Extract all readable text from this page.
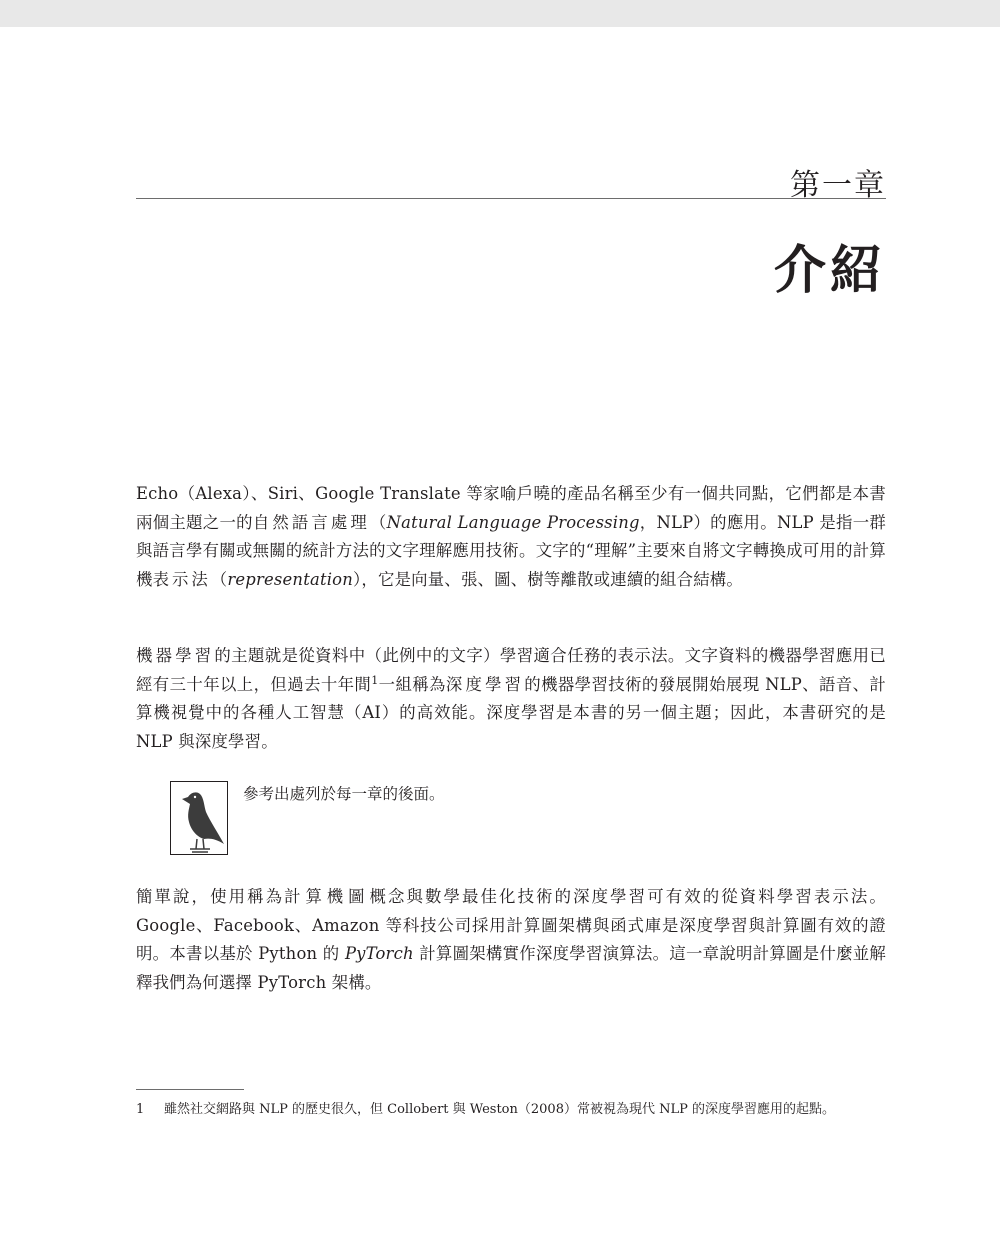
第一章
介紹

Echo（Alexa）、Siri、Google Translate 等家喻戶曉的產品名稱至少有一個共同點，它們都是本書兩個主題之一的自然語言處理（Natural Language Processing，NLP）的應用。NLP 是指一群與語言學有關或無關的統計方法的文字理解應用技術。文字的“理解”主要來自將文字轉換成可用的計算機表示法（representation），它是向量、張、圖、樹等離散或連續的組合結構。

機器學習的主題就是從資料中（此例中的文字）學習適合任務的表示法。文字資料的機器學習應用已經有三十年以上，但過去十年間$^1$一組稱為深度學習的機器學習技術的發展開始展現 NLP、語音、計算機視覺中的各種人工智慧（AI）的高效能。深度學習是本書的另一個主題；因此，本書研究的是 NLP 與深度學習。

參考出處列於每一章的後面。

簡單說，使用稱為計算機圖概念與數學最佳化技術的深度學習可有效的從資料學習表示法。Google、Facebook、Amazon 等科技公司採用計算圖架構與函式庫是深度學習與計算圖有效的證明。本書以基於 Python 的 PyTorch 計算圖架構實作深度學習演算法。這一章說明計算圖是什麼並解釋我們為何選擇 PyTorch 架構。

1 雖然社交網路與 NLP 的歷史很久，但 Collobert 與 Weston（2008）常被視為現代 NLP 的深度學習應用的起點。
